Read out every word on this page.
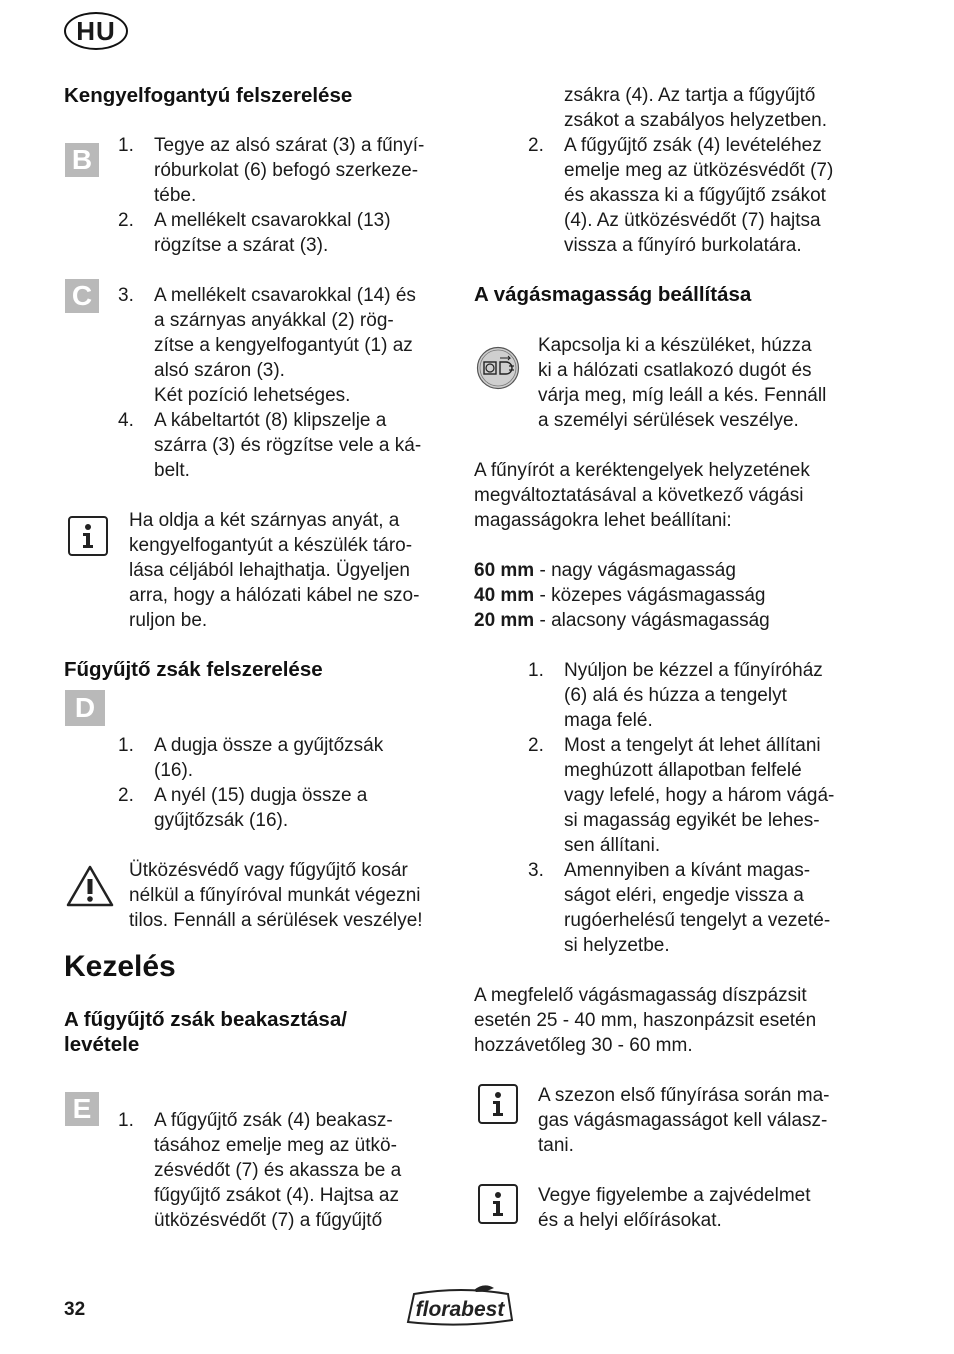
HU
Kengyelfogantyú felszerelése
B 1. Tegye az alsó szárat (3) a fűnyí-
róburkolat (6) befogó szerkeze-
tébe.
2. A mellékelt csavarokkal (13)
rögzítse a szárat (3).
C 3. A mellékelt csavarokkal (14) és
a szárnyas anyákkal (2) rög-
zítse a kengyelfogantyút (1) az
alsó száron (3).
Két pozíció lehetséges.
4. A kábeltartót (8) klipszelje a
szárra (3) és rögzítse vele a ká-
belt.
Ha oldja a két szárnyas anyát, a
kengyelfogantyút a készülék táro-
lása céljából lehajthatja. Ügyeljen
arra, hogy a hálózati kábel ne szo-
ruljon be.
Fűgyűjtő zsák felszerelése
D
1. A dugja össze a gyűjtőzsák
(16).
2. A nyél (15) dugja össze a
gyűjtőzsák (16).
Ütközésvédő vagy fűgyűjtő kosár
nélkül a fűnyíróval munkát végezni
tilos. Fennáll a sérülések veszélye!
Kezelés
A fűgyűjtő zsák beakasztása/
levétele
E 1. A fűgyűjtő zsák (4) beakasz-
tásához emelje meg az ütkö-
zésvédőt (7) és akassza be a
fűgyűjtő zsákot (4). Hajtsa az
ütközésvédőt (7) a fűgyűjtő
zsákra (4). Az tartja a fűgyűjtő
zsákot a szabályos helyzetben.
2. A fűgyűjtő zsák (4) levételéhez
emelje meg az ütközésvédőt (7)
és akassza ki a fűgyűjtő zsákot
(4). Az ütközésvédőt (7) hajtsa
vissza a fűnyíró burkolatára.
A vágásmagasság beállítása
Kapcsolja ki a készüléket, húzza
ki a hálózati csatlakozó dugót és
várja meg, míg leáll a kés. Fennáll
a személyi sérülések veszélye.
A fűnyírót a keréktengelyek helyzetének
megváltoztatásával a következő vágási
magasságokra lehet beállítani:
60 mm - nagy vágásmagasság
40 mm - közepes vágásmagasság
20 mm - alacsony vágásmagasság
1. Nyúljon be kézzel a fűnyíróház
(6) alá és húzza a tengelyt
maga felé.
2. Most a tengelyt át lehet állítani
meghúzott állapotban felfelé
vagy lefelé, hogy a három vágá-
si magasság egyikét be lehes-
sen állítani.
3. Amennyiben a kívánt magas-
ságot eléri, engedje vissza a
rugóerhelésű tengelyt a vezeté-
si helyzetbe.
A megfelelő vágásmagasság díszpázsit
esetén 25 - 40 mm, haszonpázsit esetén
hozzávetőleg 30 - 60 mm.
A szezon első fűnyírása során ma-
gas vágásmagasságot kell válasz-
tani.
Vegye figyelembe a zajvédelmet
és a helyi előírásokat.
32	florabest
